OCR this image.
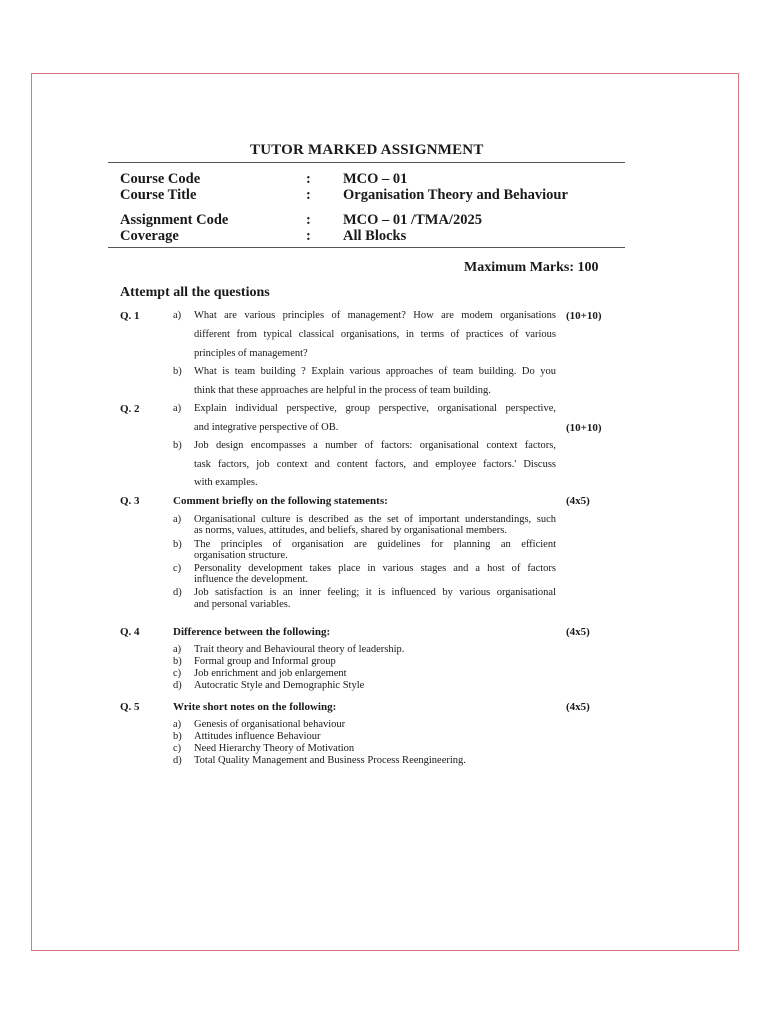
TUTOR MARKED ASSIGNMENT
Course Code	: MCO – 01
Course Title	: Organisation Theory and Behaviour
Assignment Code	: MCO – 01 /TMA/2025
Coverage	: All Blocks
Maximum Marks: 100
Attempt all the questions
Q. 1	a) What are various principles of management? How are modem organisations
different from typical classical organisations, in terms of practices of various
principles of management?
(10+10)
b) What is team building ? Explain various approaches of team building. Do you
think that these approaches are helpful in the process of team building.
Q. 2	a) Explain individual perspective, group perspective, organisational perspective,
and integrative perspective of OB.	(10+10)
b) Job design encompasses a number of factors: organisational context factors,
task factors, job context and content factors, and employee factors.' Discuss
with examples.
Q. 3	Comment briefly on the following statements:	(4x5)
a) Organisational culture is described as the set of important understandings, such
as norms, values, attitudes, and beliefs, shared by organisational members.
b) The principles of organisation are guidelines for planning an efficient
organisation structure.
c) Personality development takes place in various stages and a host of factors
influence the development.
d) Job satisfaction is an inner feeling; it is influenced by various organisational
and personal variables.
Q. 4	Difference between the following:	(4x5)
a) Trait theory and Behavioural theory of leadership.
b) Formal group and Informal group
c) Job enrichment and job enlargement
d) Autocratic Style and Demographic Style
Q. 5	Write short notes on the following:	(4x5)
a) Genesis of organisational behaviour
b) Attitudes influence Behaviour
c) Need Hierarchy Theory of Motivation
d) Total Quality Management and Business Process Reengineering.
